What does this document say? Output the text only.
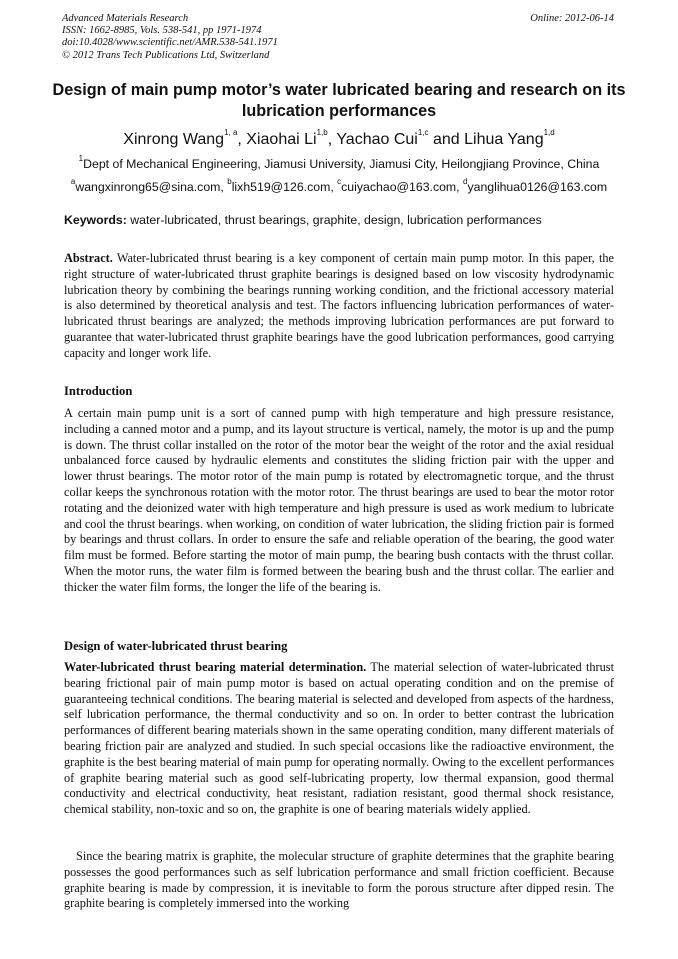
Advanced Materials Research
ISSN: 1662-8985, Vols. 538-541, pp 1971-1974
doi:10.4028/www.scientific.net/AMR.538-541.1971
© 2012 Trans Tech Publications Ltd, Switzerland
Online: 2012-06-14
Design of main pump motor’s water lubricated bearing and research on its lubrication performances
Xinrong Wang$^{1, a}$, Xiaohai Li$^{1,b}$, Yachao Cui$^{1,c}$ and Lihua Yang$^{1,d}$
$^1$Dept of Mechanical Engineering, Jiamusi University, Jiamusi City, Heilongjiang Province, China
$^a$wangxinrong65@sina.com, $^b$lixh519@126.com, $^c$cuiyachao@163.com, $^d$yanglihua0126@163.com
Keywords: water-lubricated, thrust bearings, graphite, design, lubrication performances
Abstract. Water-lubricated thrust bearing is a key component of certain main pump motor. In this paper, the right structure of water-lubricated thrust graphite bearings is designed based on low viscosity hydrodynamic lubrication theory by combining the bearings running working condition, and the frictional accessory material is also determined by theoretical analysis and test. The factors influencing lubrication performances of water-lubricated thrust bearings are analyzed; the methods improving lubrication performances are put forward to guarantee that water-lubricated thrust graphite bearings have the good lubrication performances, good carrying capacity and longer work life.
Introduction
A certain main pump unit is a sort of canned pump with high temperature and high pressure resistance, including a canned motor and a pump, and its layout structure is vertical, namely, the motor is up and the pump is down. The thrust collar installed on the rotor of the motor bear the weight of the rotor and the axial residual unbalanced force caused by hydraulic elements and constitutes the sliding friction pair with the upper and lower thrust bearings. The motor rotor of the main pump is rotated by electromagnetic torque, and the thrust collar keeps the synchronous rotation with the motor rotor. The thrust bearings are used to bear the motor rotor rotating and the deionized water with high temperature and high pressure is used as work medium to lubricate and cool the thrust bearings. when working, on condition of water lubrication, the sliding friction pair is formed by bearings and thrust collars. In order to ensure the safe and reliable operation of the bearing, the good water film must be formed. Before starting the motor of main pump, the bearing bush contacts with the thrust collar. When the motor runs, the water film is formed between the bearing bush and the thrust collar. The earlier and thicker the water film forms, the longer the life of the bearing is.
Design of water-lubricated thrust bearing
Water-lubricated thrust bearing material determination. The material selection of water-lubricated thrust bearing frictional pair of main pump motor is based on actual operating condition and on the premise of guaranteeing technical conditions. The bearing material is selected and developed from aspects of the hardness, self lubrication performance, the thermal conductivity and so on. In order to better contrast the lubrication performances of different bearing materials shown in the same operating condition, many different materials of bearing friction pair are analyzed and studied. In such special occasions like the radioactive environment, the graphite is the best bearing material of main pump for operating normally. Owing to the excellent performances of graphite bearing material such as good self-lubricating property, low thermal expansion, good thermal conductivity and electrical conductivity, heat resistant, radiation resistant, good thermal shock resistance, chemical stability, non-toxic and so on, the graphite is one of bearing materials widely applied.
Since the bearing matrix is graphite, the molecular structure of graphite determines that the graphite bearing possesses the good performances such as self lubrication performance and small friction coefficient. Because graphite bearing is made by compression, it is inevitable to form the porous structure after dipped resin. The graphite bearing is completely immersed into the working
